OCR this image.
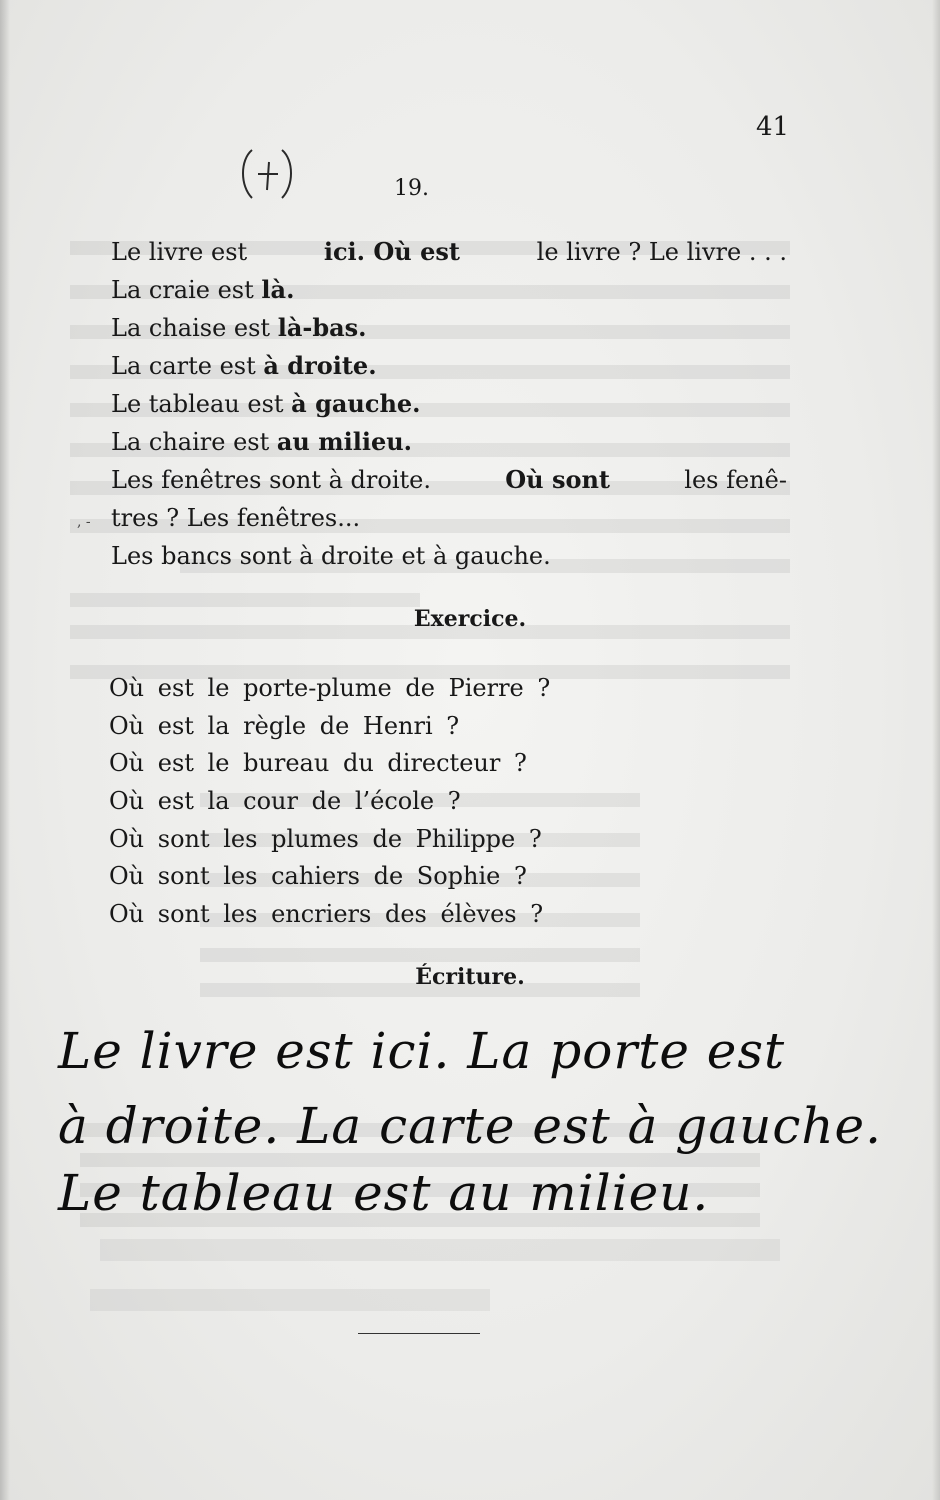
41
19.
Le livre est	ici. Où est	le livre ? Le livre . . .
La craie est là.
La chaise est là-bas.
La carte est à droite.
Le tableau est à gauche.
La chaire est au milieu.
Les fenêtres sont à droite.	Où sont	les fenê-
, - tres ? Les fenêtres...
Les bancs sont à droite et à gauche.
Exercice.
Où est le porte-plume de Pierre ?
Où est la règle de Henri ?
Où est le bureau du directeur ?
Où est la cour de l’école ?
Où sont les plumes de Philippe ?
Où sont les cahiers de Sophie ?
Où sont les encriers des élèves ?
Écriture.
Le livre est ici. La porte est
à droite. La carte est à gauche.
Le tableau est au milieu.
